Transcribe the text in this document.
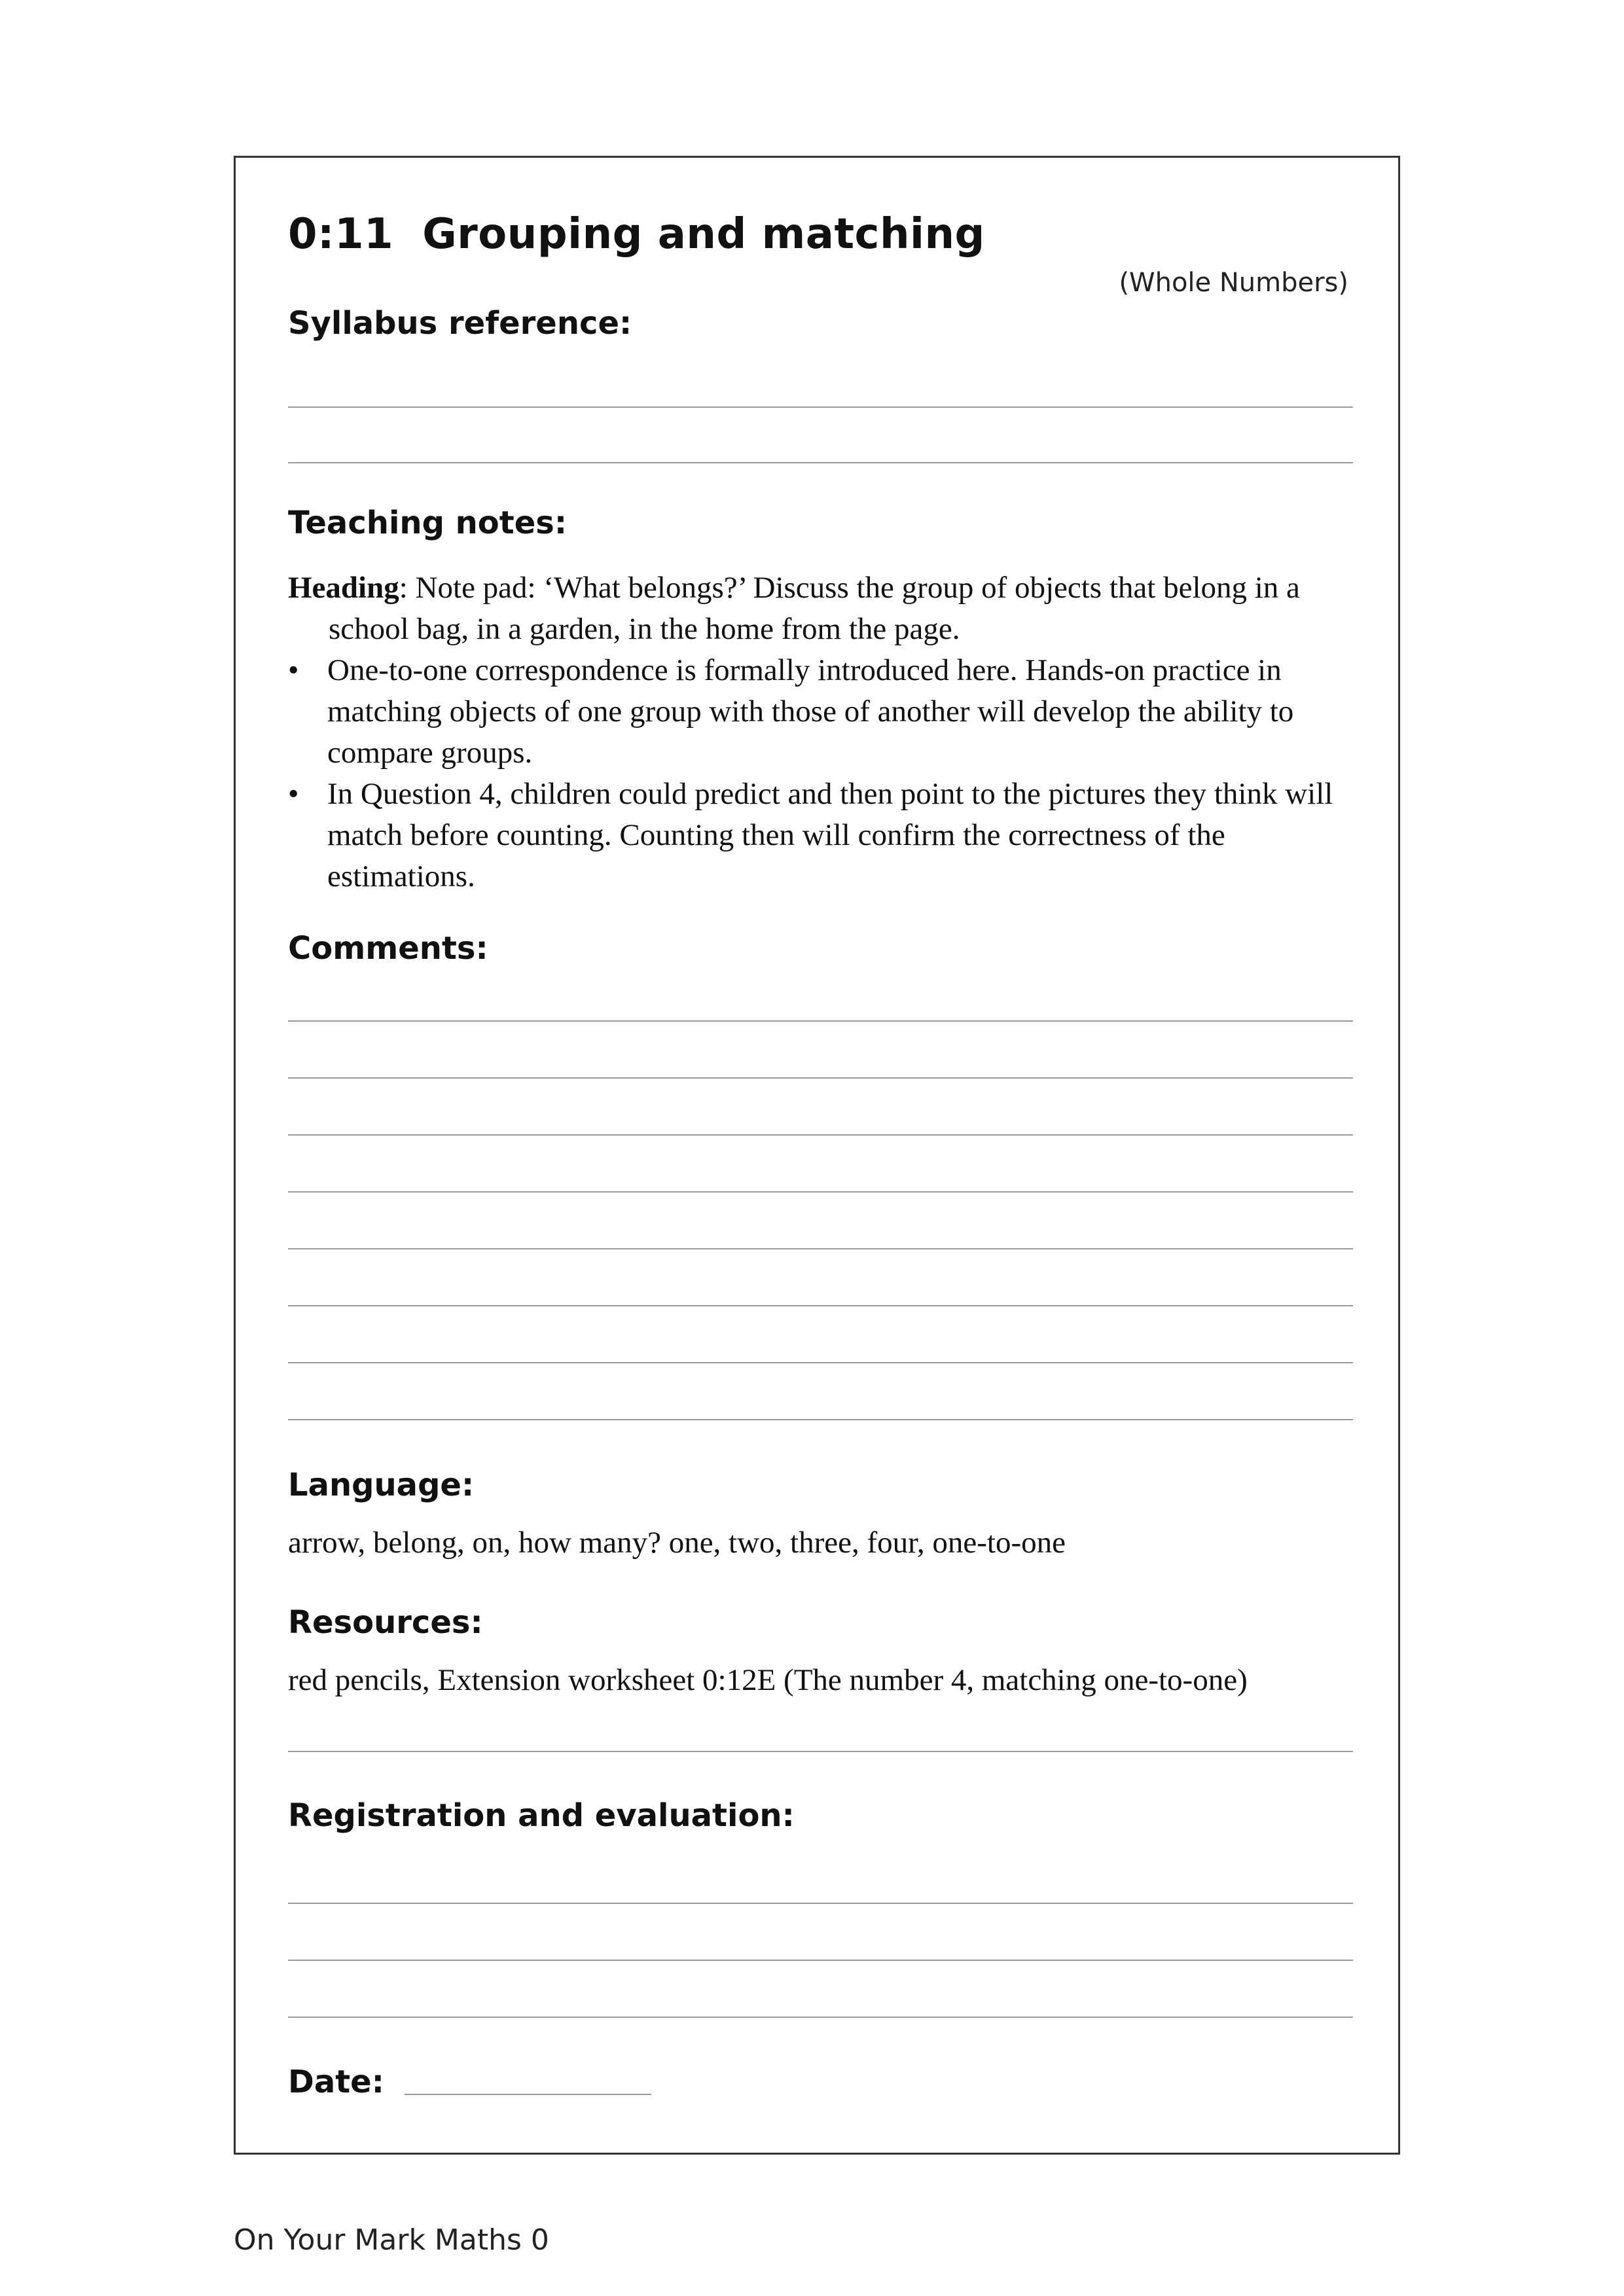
0:11 Grouping and matching
(Whole Numbers)
Syllabus reference:
Teaching notes:
Heading: Note pad: ‘What belongs?’ Discuss the group of objects that belong in a school bag, in a garden, in the home from the page.
• One-to-one correspondence is formally introduced here. Hands-on practice in matching objects of one group with those of another will develop the ability to compare groups.
• In Question 4, children could predict and then point to the pictures they think will match before counting. Counting then will confirm the correctness of the estimations.
Comments:
Language:
arrow, belong, on, how many? one, two, three, four, one-to-one
Resources:
red pencils, Extension worksheet 0:12E (The number 4, matching one-to-one)
Registration and evaluation:
Date:
On Your Mark Maths 0
